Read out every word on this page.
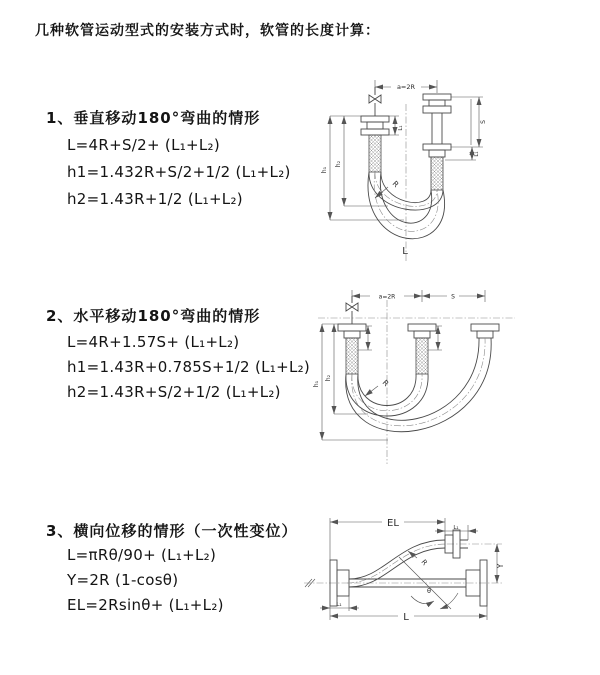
几种软管运动型式的安装方式时，软管的长度计算：
1、垂直移动180°弯曲的情形
L=4R+S/2+ (L₁+L₂)
h1=1.432R+S/2+1/2 (L₁+L₂)
h2=1.43R+1/2 (L₁+L₂)
2、水平移动180°弯曲的情形
L=4R+1.57S+ (L₁+L₂)
h1=1.43R+0.785S+1/2 (L₁+L₂)
h2=1.43R+S/2+1/2 (L₁+L₂)
3、横向位移的情形（一次性变位）
L=πRθ/90+ (L₁+L₂)
Y=2R (1-cosθ)
EL=2Rsinθ+ (L₁+L₂)
a=2R
L₁
S
L₁
h₁
h₂
R
L
a=2R	S
h₁
h₂
R
EL	L₁
Y
L
L₁
θ
R
